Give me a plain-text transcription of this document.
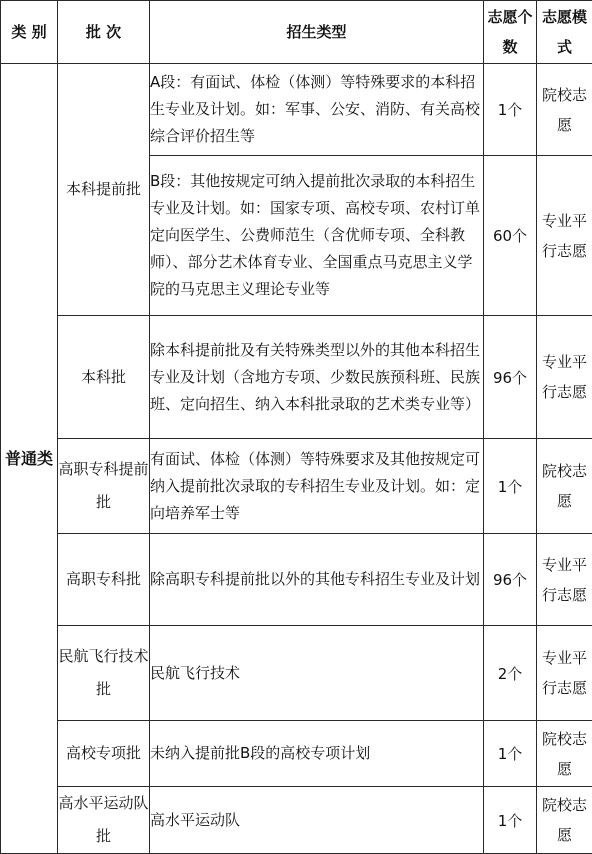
类 别	批 次	招生类型	志愿个数	志愿模式
普通类	本科提前批	A段：有面试、体检（体测）等特殊要求的本科招生专业及计划。如：军事、公安、消防、有关高校综合评价招生等	1个	院校志愿
		B段：其他按规定可纳入提前批次录取的本科招生专业及计划。如：国家专项、高校专项、农村订单定向医学生、公费师范生（含优师专项、全科教师）、部分艺术体育专业、全国重点马克思主义学院的马克思主义理论专业等	60个	专业平行志愿
	本科批	除本科提前批及有关特殊类型以外的其他本科招生专业及计划（含地方专项、少数民族预科班、民族班、定向招生、纳入本科批录取的艺术类专业等）	96个	专业平行志愿
	高职专科提前批	有面试、体检（体测）等特殊要求及其他按规定可纳入提前批次录取的专科招生专业及计划。如：定向培养军士等	1个	院校志愿
	高职专科批	除高职专科提前批以外的其他专科招生专业及计划	96个	专业平行志愿
	民航飞行技术批	民航飞行技术	2个	专业平行志愿
	高校专项批	未纳入提前批B段的高校专项计划	1个	院校志愿
	高水平运动队批	高水平运动队	1个	院校志愿
